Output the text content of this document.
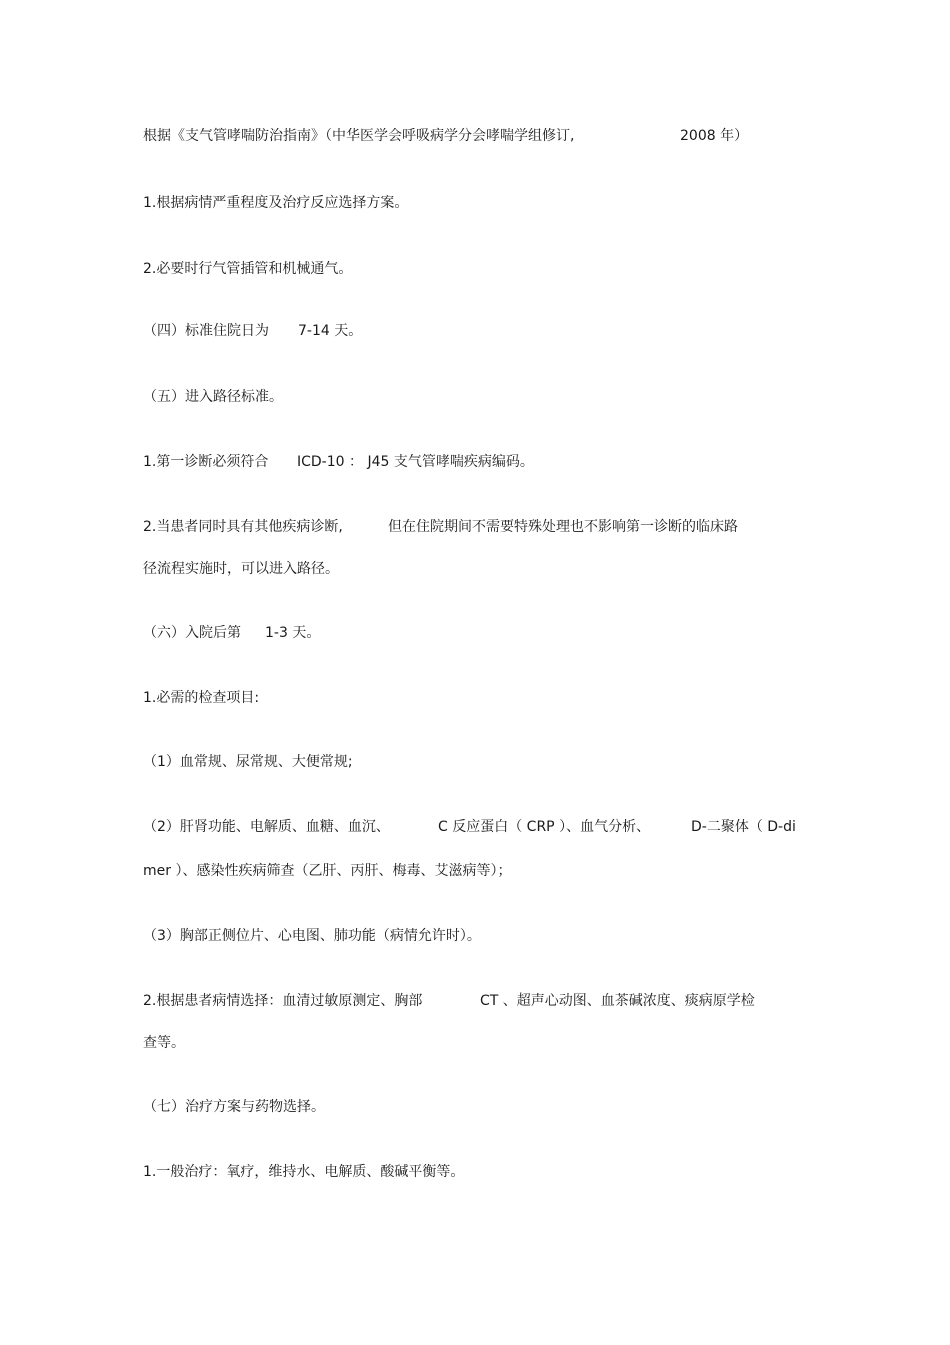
根据《支气管哮喘防治指南》（中华医学会呼吸病学分会哮喘学组修订,	2008 年）
1.根据病情严重程度及治疗反应选择方案。
2.必要时行气管插管和机械通气。
（四）标准住院日为 7-14 天。
（五）进入路径标准。
1.第一诊断必须符合 ICD-10 ： J45 支气管哮喘疾病编码。
2.当患者同时具有其他疾病诊断,	但在住院期间不需要特殊处理也不影响第一诊断的临床路
径流程实施时，可以进入路径。
（六）入院后第 1-3 天。
1.必需的检查项目:
（1）血常规、尿常规、大便常规;
（2）肝肾功能、电解质、血糖、血沉、	C 反应蛋白（ CRP ）、血气分析、	D-二聚体（ D-di
mer ）、感染性疾病筛查（乙肝、丙肝、梅毒、艾滋病等）；
（3）胸部正侧位片、心电图、肺功能（病情允许时）。
2.根据患者病情选择：血清过敏原测定、胸部	CT 、超声心动图、血茶碱浓度、痰病原学检
查等。
（七）治疗方案与药物选择。
1.一般治疗：氧疗，维持水、电解质、酸碱平衡等。
